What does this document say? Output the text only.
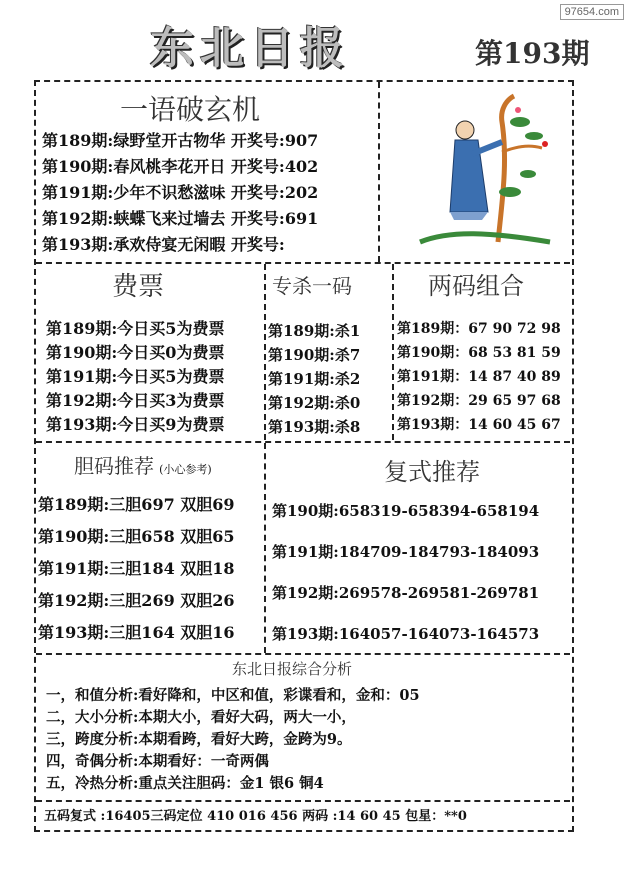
97654.com
东北日报	第193期
一语破玄机
第189期:绿野堂开古物华 开奖号:907
第190期:春风桃李花开日 开奖号:402
第191期:少年不识愁滋味 开奖号:202
第192期:蛱蝶飞来过墙去 开奖号:691
第193期:承欢侍宴无闲暇 开奖号:
费票
第189期:今日买5为费票
第190期:今日买0为费票
第191期:今日买5为费票
第192期:今日买3为费票
第193期:今日买9为费票
专杀一码
第189期:杀1
第190期:杀7
第191期:杀2
第192期:杀0
第193期:杀8
两码组合
第189期：67 90 72 98
第190期：68 53 81 59
第191期：14 87 40 89
第192期：29 65 97 68
第193期：14 60 45 67
胆码推荐 (小心参考)
第189期:三胆697 双胆69
第190期:三胆658 双胆65
第191期:三胆184 双胆18
第192期:三胆269 双胆26
第193期:三胆164 双胆16
复式推荐
第190期:658319-658394-658194
第191期:184709-184793-184093
第192期:269578-269581-269781
第193期:164057-164073-164573
东北日报综合分析
一，和值分析:看好降和，中区和值，彩谍看和，金和：05
二，大小分析:本期大小，看好大码，两大一小，
三，跨度分析:本期看跨，看好大跨，金跨为9。
四，奇偶分析:本期看好：一奇两偶
五，冷热分析:重点关注胆码：金1 银6 铜4
五码复式 :16405三码定位 410 016 456 两码 :14 60 45 包星：**0
